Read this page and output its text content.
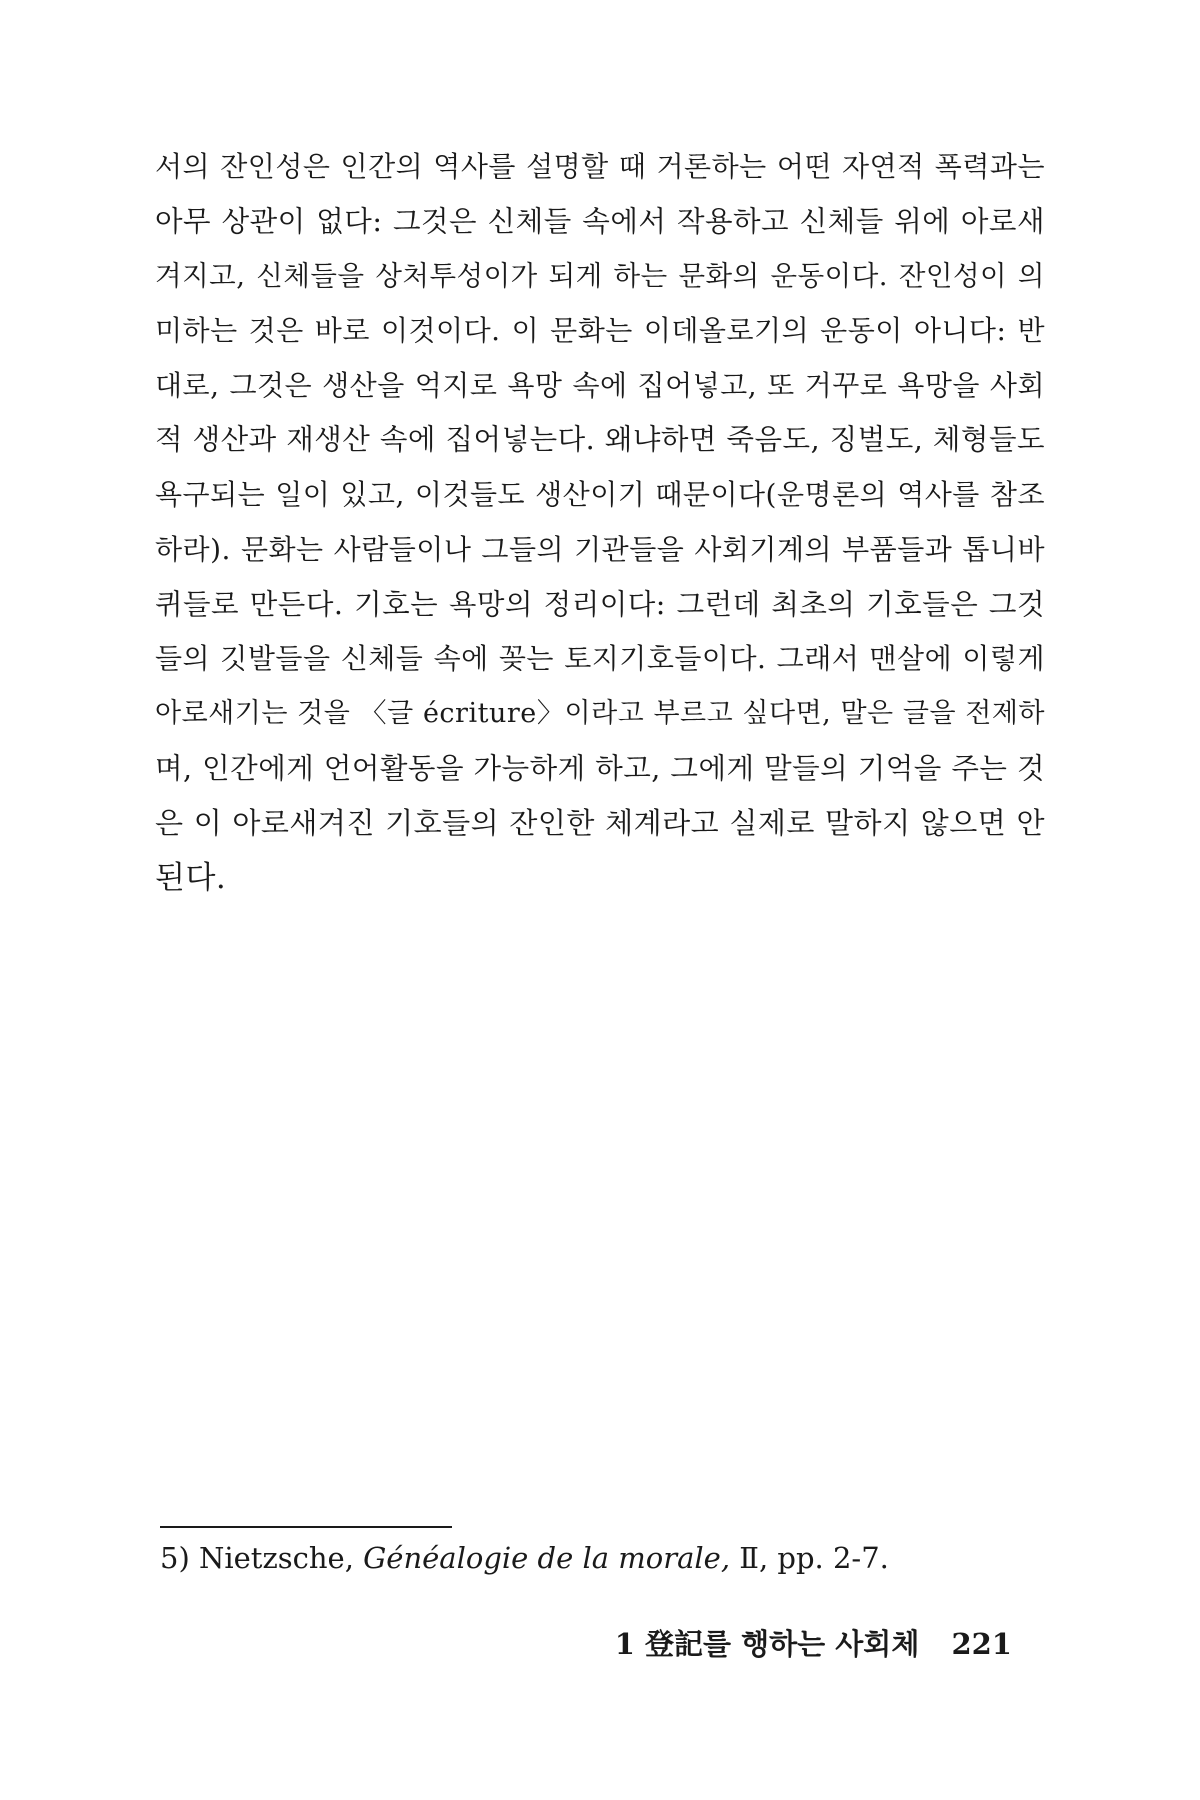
서의 잔인성은 인간의 역사를 설명할 때 거론하는 어떤 자연적 폭력과는
아무 상관이 없다: 그것은 신체들 속에서 작용하고 신체들 위에 아로새
겨지고, 신체들을 상처투성이가 되게 하는 문화의 운동이다. 잔인성이 의
미하는 것은 바로 이것이다. 이 문화는 이데올로기의 운동이 아니다: 반
대로, 그것은 생산을 억지로 욕망 속에 집어넣고, 또 거꾸로 욕망을 사회
적 생산과 재생산 속에 집어넣는다. 왜냐하면 죽음도, 징벌도, 체형들도
욕구되는 일이 있고, 이것들도 생산이기 때문이다(운명론의 역사를 참조
하라). 문화는 사람들이나 그들의 기관들을 사회기계의 부품들과 톱니바
퀴들로 만든다. 기호는 욕망의 정리이다: 그런데 최초의 기호들은 그것
들의 깃발들을 신체들 속에 꽂는 토지기호들이다. 그래서 맨살에 이렇게
아로새기는 것을 〈글 écriture〉이라고 부르고 싶다면, 말은 글을 전제하
며, 인간에게 언어활동을 가능하게 하고, 그에게 말들의 기억을 주는 것
은 이 아로새겨진 기호들의 잔인한 체계라고 실제로 말하지 않으면 안
된다.
5) Nietzsche, Généalogie de la morale, Ⅱ, pp. 2-7.
1 登記를 행하는 사회체 221
